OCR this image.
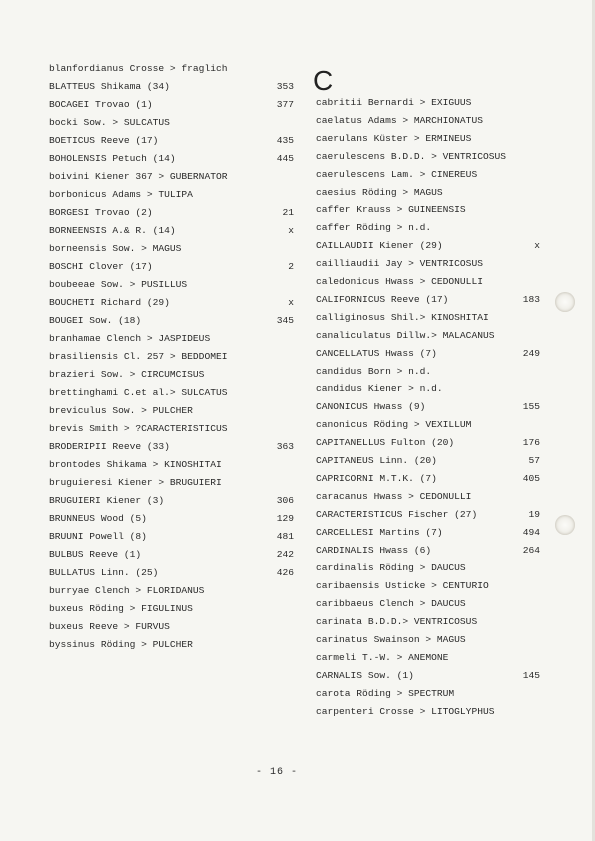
blanfordianus Crosse > fraglich
BLATTEUS Shikama (34)	353
BOCAGEI Trovao (1)	377
bocki Sow. > SULCATUS
BOETICUS Reeve (17)	435
BOHOLENSIS Petuch (14)	445
boivini Kiener 367 > GUBERNATOR
borbonicus Adams > TULIPA
BORGESI Trovao (2)	21
BORNEENSIS A.& R. (14)	x
borneensis Sow. > MAGUS
BOSCHI Clover (17)	2
boubeeae Sow. > PUSILLUS
BOUCHETI Richard (29)	x
BOUGEI Sow. (18)	345
branhamae Clench > JASPIDEUS
brasiliensis Cl. 257 > BEDDOMEI
brazieri Sow. > CIRCUMCISUS
brettinghami C.et al.> SULCATUS
breviculus Sow. > PULCHER
brevis Smith > ?CARACTERISTICUS
BRODERIPII Reeve (33)	363
brontodes Shikama > KINOSHITAI
bruguieresi Kiener > BRUGUIERI
BRUGUIERI Kiener (3)	306
BRUNNEUS Wood (5)	129
BRUUNI Powell (8)	481
BULBUS Reeve (1)	242
BULLATUS Linn. (25)	426
burryae Clench > FLORIDANUS
buxeus Röding > FIGULINUS
buxeus Reeve > FURVUS
byssinus Röding > PULCHER
C
cabritii Bernardi > EXIGUUS
caelatus Adams > MARCHIONATUS
caerulans Küster > ERMINEUS
caerulescens B.D.D. > VENTRICOSUS
caerulescens Lam. > CINEREUS
caesius Röding > MAGUS
caffer Krauss > GUINEENSIS
caffer Röding > n.d.
CAILLAUDII Kiener (29)	x
cailliaudii Jay > VENTRICOSUS
caledonicus Hwass > CEDONULLI
CALIFORNICUS Reeve (17)	183
calliginosus Shil.> KINOSHITAI
canaliculatus Dillw.> MALACANUS
CANCELLATUS Hwass (7)	249
candidus Born > n.d.
candidus Kiener > n.d.
CANONICUS Hwass (9)	155
canonicus Röding > VEXILLUM
CAPITANELLUS Fulton (20)	176
CAPITANEUS Linn. (20)	57
CAPRICORNI M.T.K. (7)	405
caracanus Hwass > CEDONULLI
CARACTERISTICUS Fischer (27)	19
CARCELLESI Martins (7)	494
CARDINALIS Hwass (6)	264
cardinalis Röding > DAUCUS
caribaensis Usticke > CENTURIO
caribbaeus Clench > DAUCUS
carinata B.D.D.> VENTRICOSUS
carinatus Swainson > MAGUS
carmeli T.-W. > ANEMONE
CARNALIS Sow. (1)	145
carota Röding > SPECTRUM
carpenteri Crosse > LITOGLYPHUS
- 16 -
